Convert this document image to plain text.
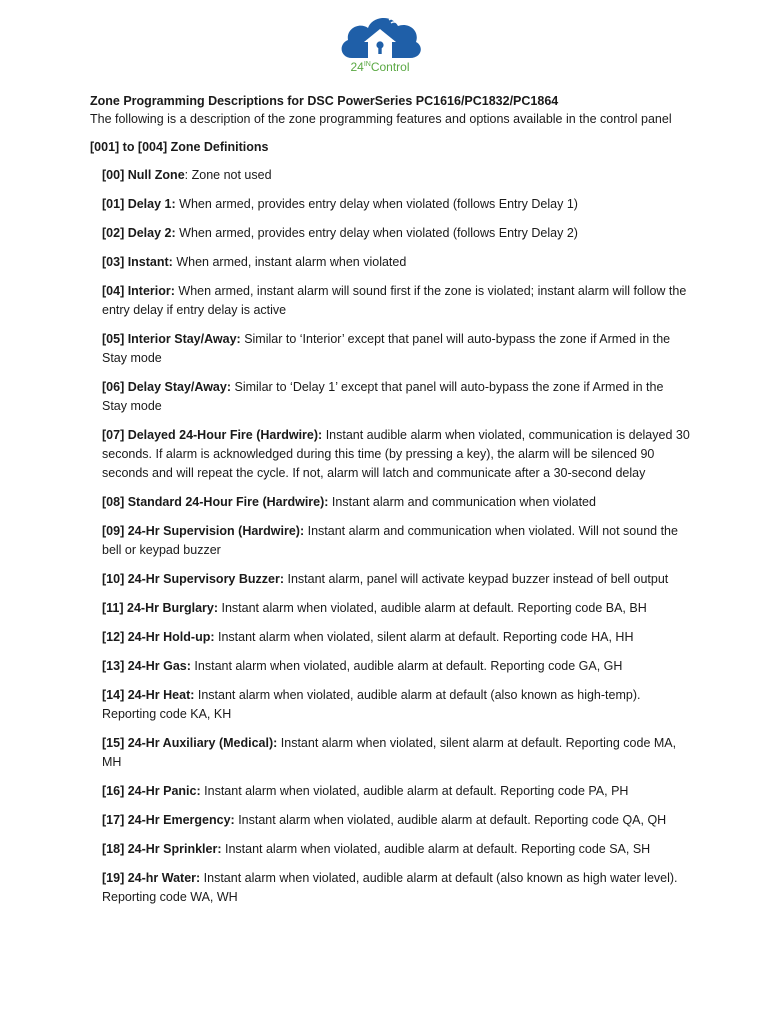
$24^{IN}Control$

Zone Programming Descriptions for DSC PowerSeries PC1616/PC1832/PC1864

The following is a description of the zone programming features and options available in the control panel

[001] to [004] Zone Definitions

[00] Null Zone: Zone not used
[01] Delay 1: When armed, provides entry delay when violated (follows Entry Delay 1)
[02] Delay 2: When armed, provides entry delay when violated (follows Entry Delay 2)
[03] Instant: When armed, instant alarm when violated
[04] Interior: When armed, instant alarm will sound first if the zone is violated; instant alarm will follow the entry delay if entry delay is active
[05] Interior Stay/Away: Similar to ‘Interior’ except that panel will auto-bypass the zone if Armed in the Stay mode
[06] Delay Stay/Away: Similar to ‘Delay 1’ except that panel will auto-bypass the zone if Armed in the Stay mode
[07] Delayed 24-Hour Fire (Hardwire): Instant audible alarm when violated, communication is delayed 30 seconds. If alarm is acknowledged during this time (by pressing a key), the alarm will be silenced 90 seconds and will repeat the cycle. If not, alarm will latch and communicate after a 30-second delay
[08] Standard 24-Hour Fire (Hardwire): Instant alarm and communication when violated
[09] 24-Hr Supervision (Hardwire): Instant alarm and communication when violated. Will not sound the bell or keypad buzzer
[10] 24-Hr Supervisory Buzzer: Instant alarm, panel will activate keypad buzzer instead of bell output
[11] 24-Hr Burglary: Instant alarm when violated, audible alarm at default. Reporting code BA, BH
[12] 24-Hr Hold-up: Instant alarm when violated, silent alarm at default. Reporting code HA, HH
[13] 24-Hr Gas: Instant alarm when violated, audible alarm at default. Reporting code GA, GH
[14] 24-Hr Heat: Instant alarm when violated, audible alarm at default (also known as high-temp). Reporting code KA, KH
[15] 24-Hr Auxiliary (Medical): Instant alarm when violated, silent alarm at default. Reporting code MA, MH
[16] 24-Hr Panic: Instant alarm when violated, audible alarm at default. Reporting code PA, PH
[17] 24-Hr Emergency: Instant alarm when violated, audible alarm at default. Reporting code QA, QH
[18] 24-Hr Sprinkler: Instant alarm when violated, audible alarm at default. Reporting code SA, SH
[19] 24-hr Water: Instant alarm when violated, audible alarm at default (also known as high water level). Reporting code WA, WH
